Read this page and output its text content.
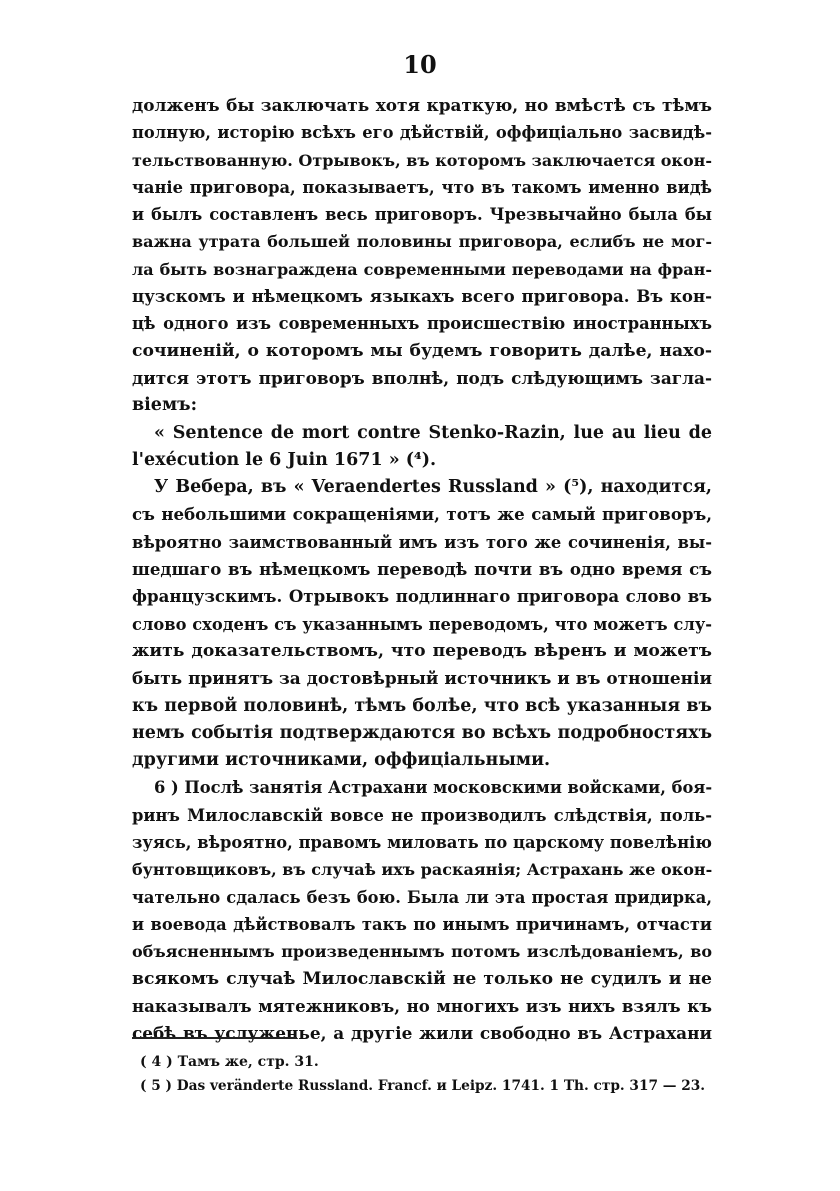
10
долженъ бы заключать хотя краткую, но вмѣстѣ съ тѣмъ
полную, исторію всѣхъ его дѣйствій, оффиціально засвидѣ-
тельствованную. Отрывокъ, въ которомъ заключается окон-
чаніе приговора, показываетъ, что въ такомъ именно видѣ
и былъ составленъ весь приговоръ. Чрезвычайно была бы
важна утрата большей половины приговора, еслибъ не мог-
ла быть вознаграждена современными переводами на фран-
цузскомъ и нѣмецкомъ языкахъ всего приговора. Въ кон-
цѣ одного изъ современныхъ происшествію иностранныхъ
сочиненій, о которомъ мы будемъ говорить далѣе, нахо-
дится этотъ приговоръ вполнѣ, подъ слѣдующимъ загла-
віемъ:
« Sentence de mort contre Stenko-Razin, lue au lieu de
l'exécution le 6 Juin 1671 » (⁴).
У Вебера, въ « Veraendertes Russland » (⁵), находится,
съ небольшими сокращеніями, тотъ же самый приговоръ,
вѣроятно заимствованный имъ изъ того же сочиненія, вы-
шедшаго въ нѣмецкомъ переводѣ почти въ одно время съ
французскимъ. Отрывокъ подлиннаго приговора слово въ
слово сходенъ съ указаннымъ переводомъ, что можетъ слу-
жить доказательствомъ, что переводъ вѣренъ и можетъ
быть принятъ за достовѣрный источникъ и въ отношеніи
къ первой половинѣ, тѣмъ болѣе, что всѣ указанныя въ
немъ событія подтверждаются во всѣхъ подробностяхъ
другими источниками, оффиціальными.
6 ) Послѣ занятія Астрахани московскими войсками, боя-
ринъ Милославскій вовсе не производилъ слѣдствія, поль-
зуясь, вѣроятно, правомъ миловать по царскому повелѣнію
бунтовщиковъ, въ случаѣ ихъ раскаянія; Астрахань же окон-
чательно сдалась безъ бою. Была ли эта простая придирка,
и воевода дѣйствовалъ такъ по инымъ причинамъ, отчасти
объясненнымъ произведеннымъ потомъ изслѣдованіемъ, во
всякомъ случаѣ Милославскій не только не судилъ и не
наказывалъ мятежниковъ, но многихъ изъ нихъ взялъ къ
себѣ въ услуженье, а другіе жили свободно въ Астрахани
( 4 ) Тамъ же, стр. 31.
( 5 ) Das veränderte Russland. Francf. и Leipz. 1741. 1 Th. стр. 317 — 23.
